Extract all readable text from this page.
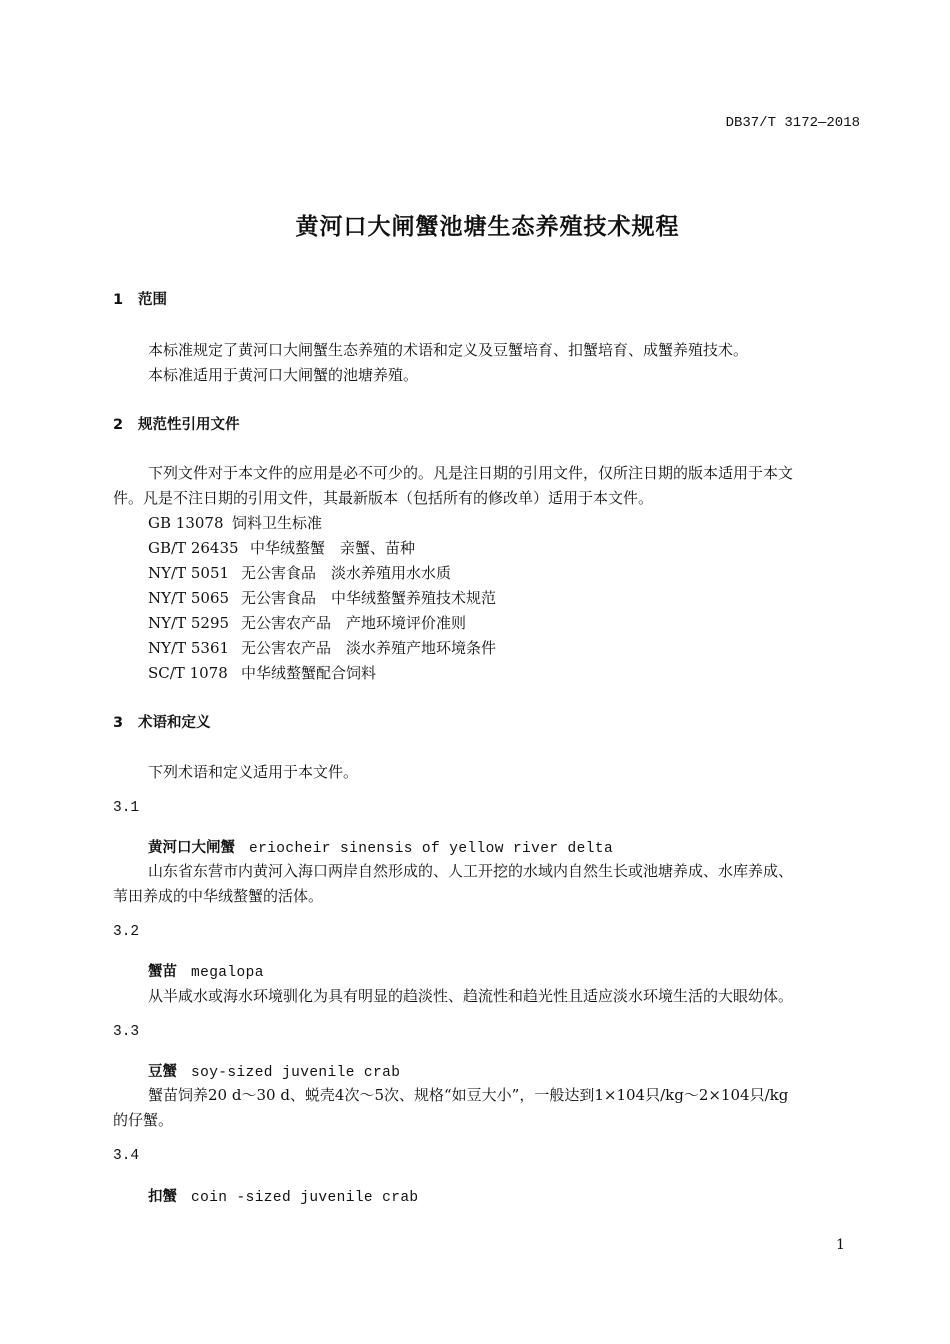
DB37/T 3172—2018
黄河口大闸蟹池塘生态养殖技术规程
1 范围
本标准规定了黄河口大闸蟹生态养殖的术语和定义及豆蟹培育、扣蟹培育、成蟹养殖技术。
本标准适用于黄河口大闸蟹的池塘养殖。
2 规范性引用文件
下列文件对于本文件的应用是必不可少的。凡是注日期的引用文件，仅所注日期的版本适用于本文
件。凡是不注日期的引用文件，其最新版本（包括所有的修改单）适用于本文件。
GB 13078 饲料卫生标准
GB/T 26435 中华绒螯蟹　亲蟹、苗种
NY/T 5051 无公害食品　淡水养殖用水水质
NY/T 5065 无公害食品　中华绒螯蟹养殖技术规范
NY/T 5295 无公害农产品　产地环境评价准则
NY/T 5361 无公害农产品　淡水养殖产地环境条件
SC/T 1078 中华绒螯蟹配合饲料
3 术语和定义
下列术语和定义适用于本文件。
3.1
黄河口大闸蟹 eriocheir sinensis of yellow river delta
山东省东营市内黄河入海口两岸自然形成的、人工开挖的水域内自然生长或池塘养成、水库养成、
苇田养成的中华绒螯蟹的活体。
3.2
蟹苗 megalopa
从半咸水或海水环境驯化为具有明显的趋淡性、趋流性和趋光性且适应淡水环境生活的大眼幼体。
3.3
豆蟹 soy-sized juvenile crab
蟹苗饲养20 d～30 d、蜕壳4次～5次、规格“如豆大小”，一般达到1×104只/kg～2×104只/kg
的仔蟹。
3.4
扣蟹 coin -sized juvenile crab
1
